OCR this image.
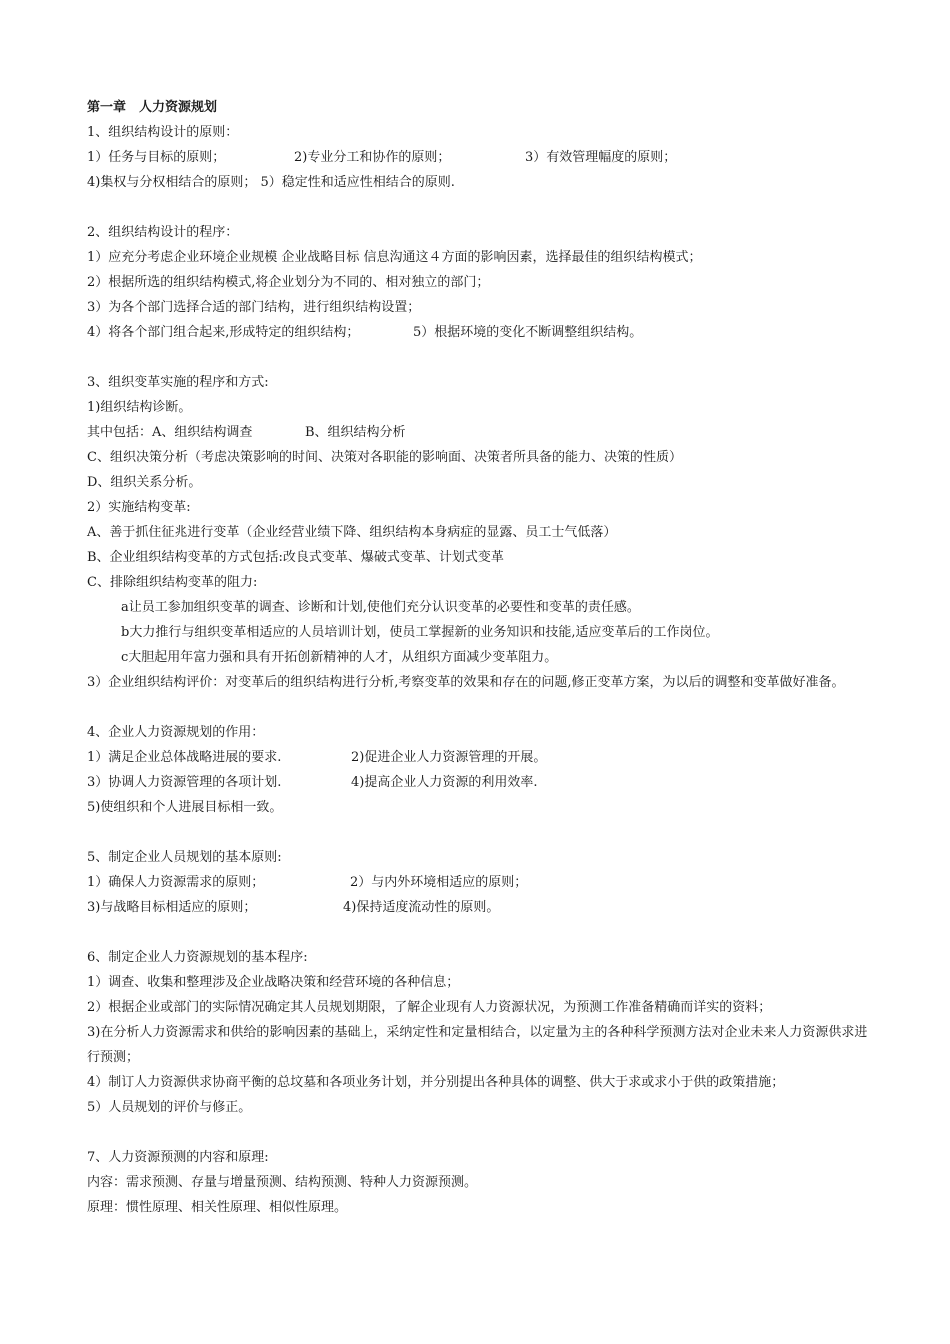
第一章　人力资源规划
1、组织结构设计的原则：
1）任务与目标的原则；	2)专业分工和协作的原则；	3）有效管理幅度的原则；
4)集权与分权相结合的原则； 5）稳定性和适应性相结合的原则.
2、组织结构设计的程序：
1）应充分考虑企业环境企业规模 企业战略目标 信息沟通这４方面的影响因素，选择最佳的组织结构模式；
2）根据所选的组织结构模式,将企业划分为不同的、相对独立的部门；
3）为各个部门选择合适的部门结构，进行组织结构设置；
4）将各个部门组合起来,形成特定的组织结构；	5）根据环境的变化不断调整组织结构。
3、组织变革实施的程序和方式:
1)组织结构诊断。
其中包括：A、组织结构调查	B、组织结构分析
C、组织决策分析（考虑决策影响的时间、决策对各职能的影响面、决策者所具备的能力、决策的性质）
D、组织关系分析。
2）实施结构变革:
A、善于抓住征兆进行变革（企业经营业绩下降、组织结构本身病症的显露、员工士气低落）
B、企业组织结构变革的方式包括:改良式变革、爆破式变革、计划式变革
C、排除组织结构变革的阻力:
a让员工参加组织变革的调查、诊断和计划,使他们充分认识变革的必要性和变革的责任感。
b大力推行与组织变革相适应的人员培训计划，使员工掌握新的业务知识和技能,适应变革后的工作岗位。
c大胆起用年富力强和具有开拓创新精神的人才，从组织方面减少变革阻力。
3）企业组织结构评价：对变革后的组织结构进行分析,考察变革的效果和存在的问题,修正变革方案，为以后的调整和变革做好准备。
4、企业人力资源规划的作用：
1）满足企业总体战略进展的要求.	2)促进企业人力资源管理的开展。
3）协调人力资源管理的各项计划.	4)提高企业人力资源的利用效率.
5)使组织和个人进展目标相一致。
5、制定企业人员规划的基本原则:
1）确保人力资源需求的原则；	2）与内外环境相适应的原则；
3)与战略目标相适应的原则；	4)保持适度流动性的原则。
6、制定企业人力资源规划的基本程序:
1）调查、收集和整理涉及企业战略决策和经营环境的各种信息；
2）根据企业或部门的实际情况确定其人员规划期限，了解企业现有人力资源状况，为预测工作准备精确而详实的资料；
3)在分析人力资源需求和供给的影响因素的基础上，采纳定性和定量相结合，以定量为主的各种科学预测方法对企业未来人力资源供求进行预测；
4）制订人力资源供求协商平衡的总坟墓和各项业务计划，并分别提出各种具体的调整、供大于求或求小于供的政策措施；
5）人员规划的评价与修正。
7、人力资源预测的内容和原理:
内容：需求预测、存量与增量预测、结构预测、特种人力资源预测。
原理：惯性原理、相关性原理、相似性原理。
